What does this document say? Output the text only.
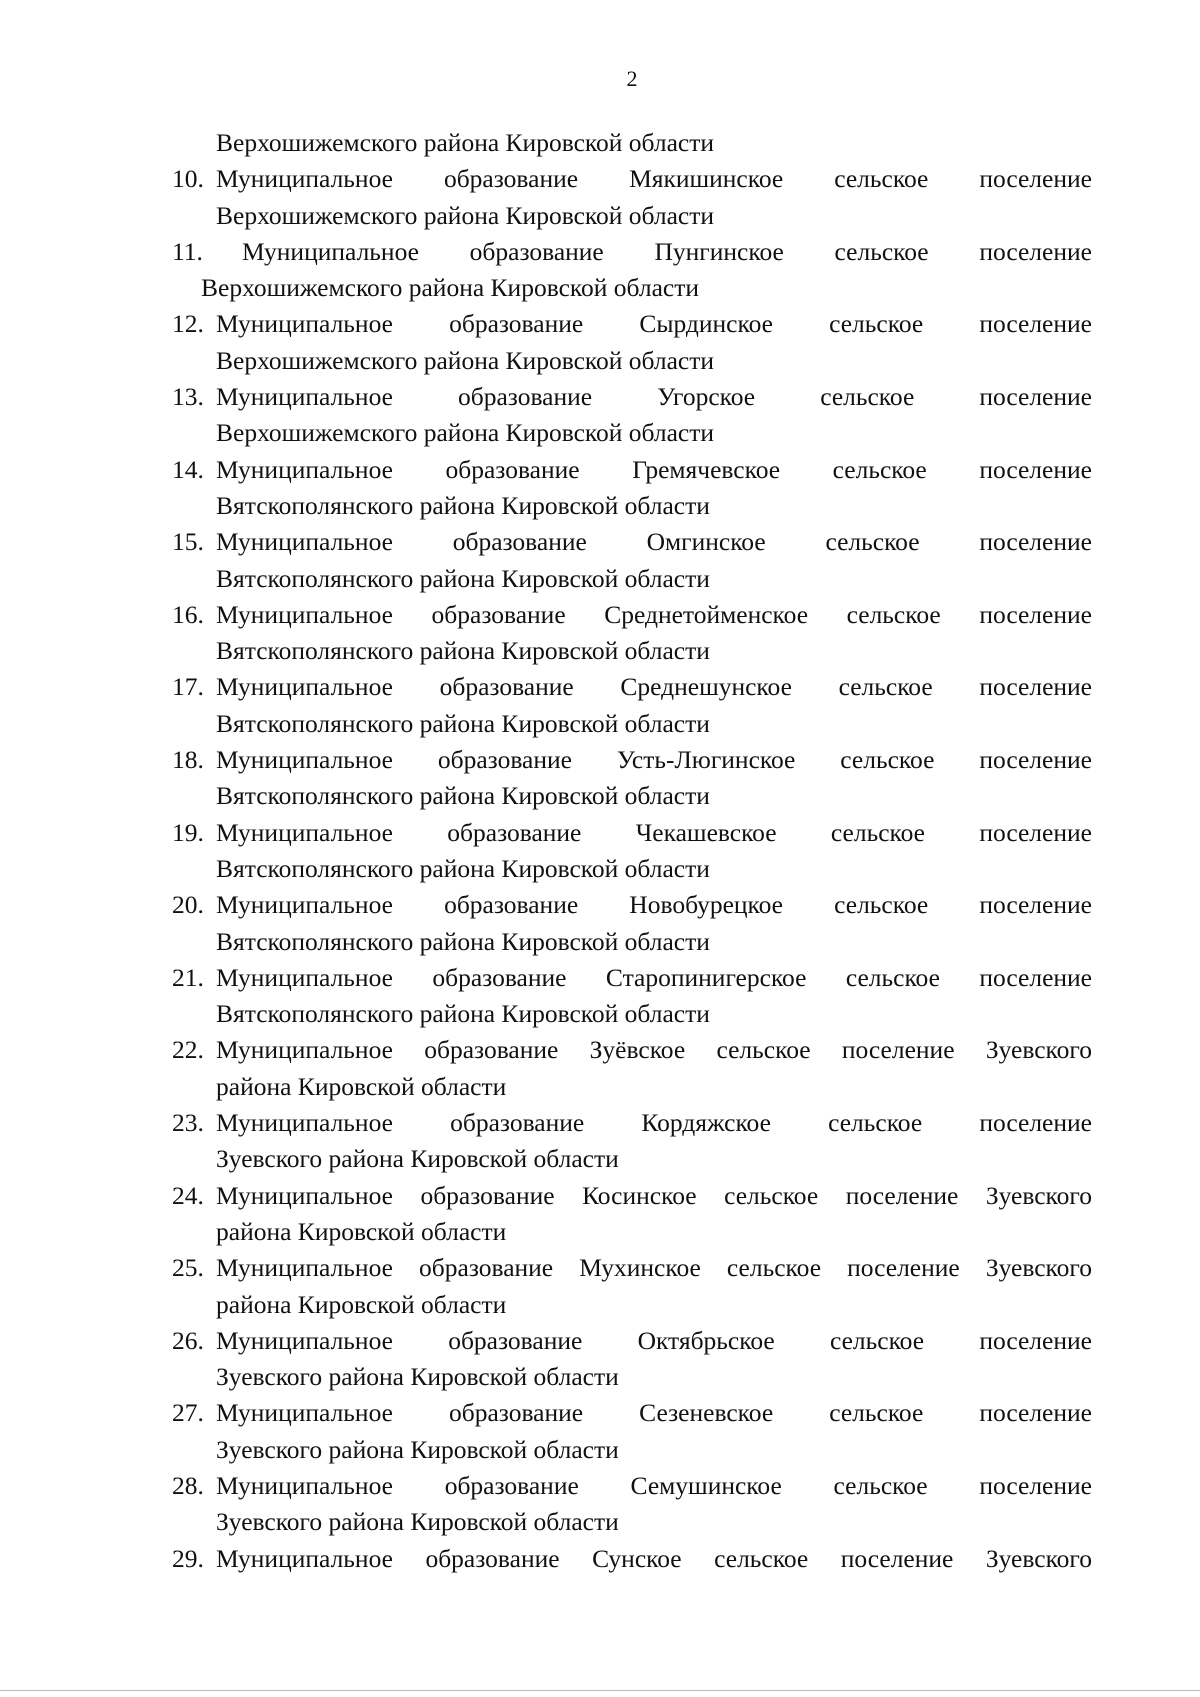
2

Верхошижемского района Кировской области

10. Муниципальное образование Мякишинское сельское поселение
Верхошижемского района Кировской области
11.	Муниципальное образование Пунгинское сельское поселение
Верхошижемского района Кировской области
12. Муниципальное образование Сырдинское сельское поселение
Верхошижемского района Кировской области
13. Муниципальное	образование	Угорское	сельское	поселение
Верхошижемского района Кировской области
14. Муниципальное образование Гремячевское сельское поселение
Вятскополянского района Кировской области
15. Муниципальное образование Омгинское сельское поселение
Вятскополянского района Кировской области
16. Муниципальное образование Среднетойменское сельское поселение
Вятскополянского района Кировской области
17. Муниципальное образование Среднешунское сельское поселение
Вятскополянского района Кировской области
18. Муниципальное образование Усть-Люгинское сельское поселение
Вятскополянского района Кировской области
19. Муниципальное образование Чекашевское сельское поселение
Вятскополянского района Кировской области
20. Муниципальное образование Новобурецкое сельское поселение
Вятскополянского района Кировской области
21. Муниципальное образование Старопинигерское сельское поселение
Вятскополянского района Кировской области
22. Муниципальное образование Зуёвское сельское поселение Зуевского
района Кировской области
23. Муниципальное образование Кордяжское сельское поселение
Зуевского района Кировской области
24. Муниципальное образование Косинское сельское поселение Зуевского
района Кировской области
25. Муниципальное образование Мухинское сельское поселение Зуевского
района Кировской области
26. Муниципальное образование Октябрьское сельское поселение
Зуевского района Кировской области
27. Муниципальное образование Сезеневское сельское поселение
Зуевского района Кировской области
28. Муниципальное образование Семушинское сельское поселение
Зуевского района Кировской области
29. Муниципальное образование Сунское сельское поселение Зуевского
